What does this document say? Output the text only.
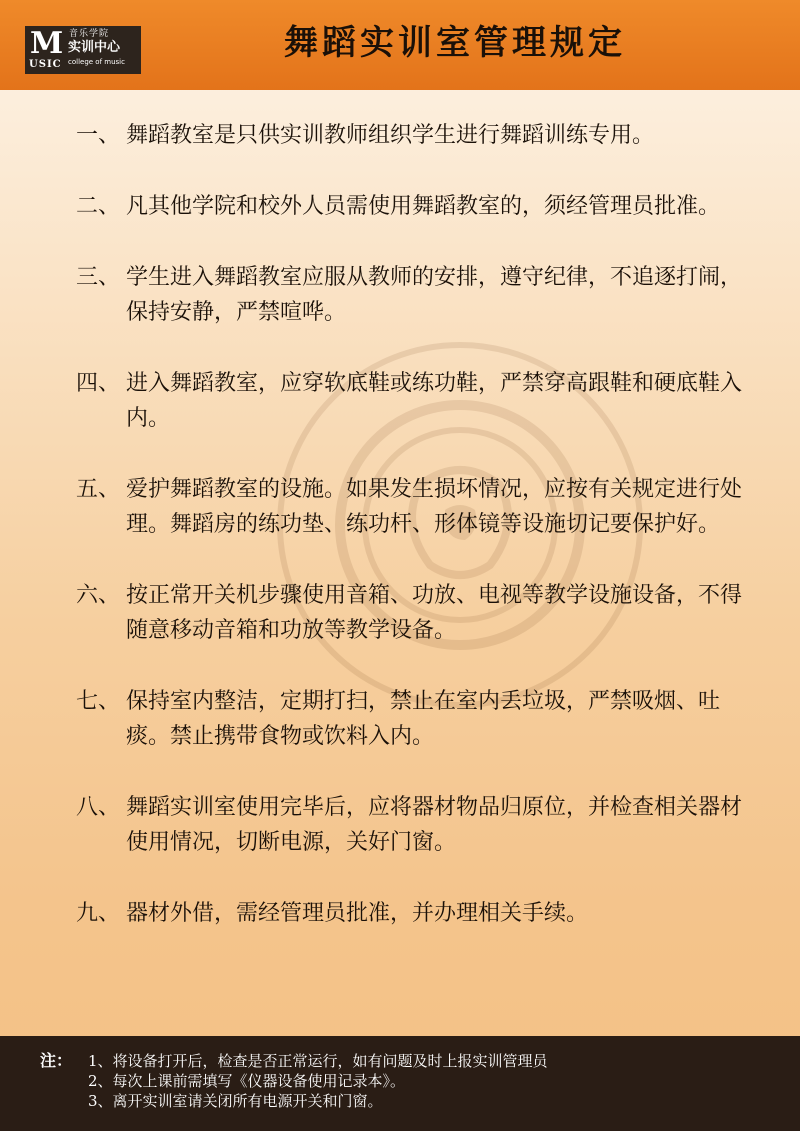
M
USIC
音乐学院
实训中心
college of music	舞蹈实训室管理规定
一、 舞蹈教室是只供实训教师组织学生进行舞蹈训练专用。
二、 凡其他学院和校外人员需使用舞蹈教室的，须经管理员批准。
三、 学生进入舞蹈教室应服从教师的安排，遵守纪律，不追逐打闹，保持安静，严禁喧哗。
四、 进入舞蹈教室，应穿软底鞋或练功鞋，严禁穿高跟鞋和硬底鞋入内。
五、 爱护舞蹈教室的设施。如果发生损坏情况，应按有关规定进行处理。舞蹈房的练功垫、练功杆、形体镜等设施切记要保护好。
六、 按正常开关机步骤使用音箱、功放、电视等教学设施设备，不得随意移动音箱和功放等教学设备。
七、 保持室内整洁，定期打扫，禁止在室内丢垃圾，严禁吸烟、吐痰。禁止携带食物或饮料入内。
八、 舞蹈实训室使用完毕后，应将器材物品归原位，并检查相关器材使用情况，切断电源，关好门窗。
九、 器材外借，需经管理员批准，并办理相关手续。
注： 1、将设备打开后，检查是否正常运行，如有问题及时上报实训管理员
2、每次上课前需填写《仪器设备使用记录本》。
3、离开实训室请关闭所有电源开关和门窗。
